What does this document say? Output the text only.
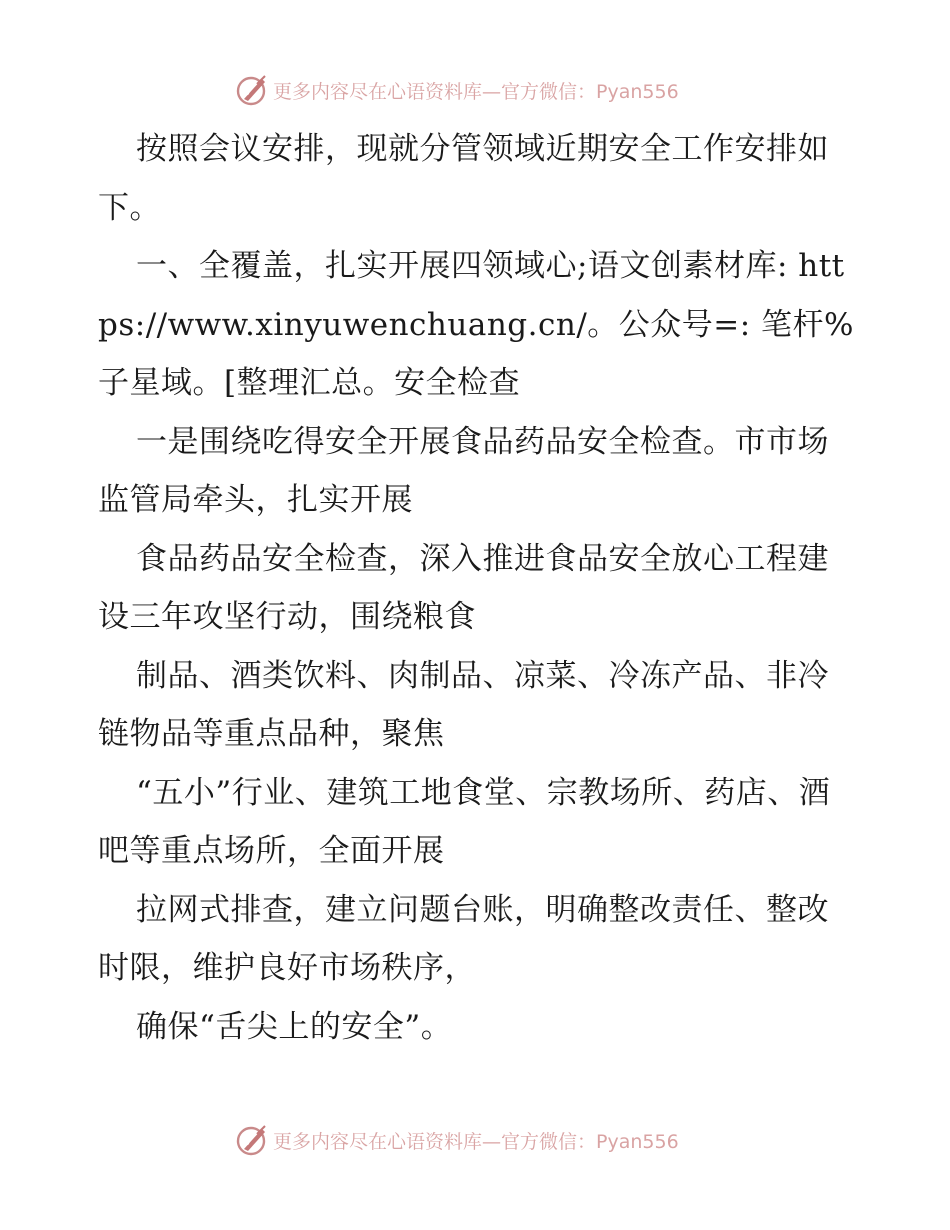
更多内容尽在心语资料库—官方微信：Pyan556

按照会议安排，现就分管领域近期安全工作安排如下。

一、全覆盖，扎实开展四领域心;语文创素材库: https://www.xinyuwenchuang.cn/。公众号=: 笔杆%子星域。[整理汇总。安全检查

一是围绕吃得安全开展食品药品安全检查。市市场监管局牵头，扎实开展

食品药品安全检查，深入推进食品安全放心工程建设三年攻坚行动，围绕粮食

制品、酒类饮料、肉制品、凉菜、冷冻产品、非冷链物品等重点品种，聚焦

“五小”行业、建筑工地食堂、宗教场所、药店、酒吧等重点场所，全面开展

拉网式排查，建立问题台账，明确整改责任、整改时限，维护良好市场秩序，

确保“舌尖上的安全”。

更多内容尽在心语资料库—官方微信：Pyan556
